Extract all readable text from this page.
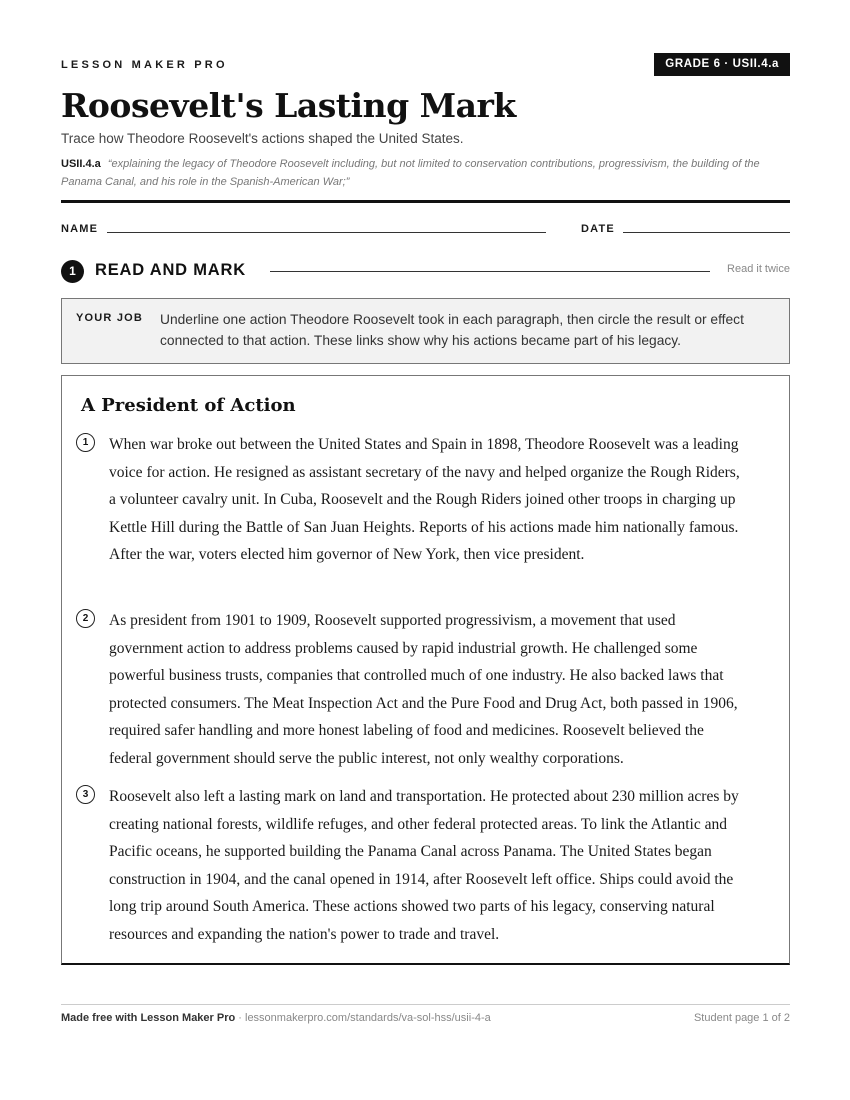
LESSON MAKER PRO	GRADE 6 · USII.4.a
Roosevelt's Lasting Mark
Trace how Theodore Roosevelt's actions shaped the United States.
USII.4.a “explaining the legacy of Theodore Roosevelt including, but not limited to conservation contributions, progressivism, the building of the Panama Canal, and his role in the Spanish-American War;”
NAME	DATE
1	READ AND MARK	Read it twice
YOUR JOB Underline one action Theodore Roosevelt took in each paragraph, then circle the result or effect connected to that action. These links show why his actions became part of his legacy.
A President of Action
1	When war broke out between the United States and Spain in 1898, Theodore Roosevelt was a leading voice for action. He resigned as assistant secretary of the navy and helped organize the Rough Riders, a volunteer cavalry unit. In Cuba, Roosevelt and the Rough Riders joined other troops in charging up Kettle Hill during the Battle of San Juan Heights. Reports of his actions made him nationally famous. After the war, voters elected him governor of New York, then vice president.

2	As president from 1901 to 1909, Roosevelt supported progressivism, a movement that used government action to address problems caused by rapid industrial growth. He challenged some powerful business trusts, companies that controlled much of one industry. He also backed laws that protected consumers. The Meat Inspection Act and the Pure Food and Drug Act, both passed in 1906, required safer handling and more honest labeling of food and medicines. Roosevelt believed the federal government should serve the public interest, not only wealthy corporations.

3	Roosevelt also left a lasting mark on land and transportation. He protected about 230 million acres by creating national forests, wildlife refuges, and other federal protected areas. To link the Atlantic and Pacific oceans, he supported building the Panama Canal across Panama. The United States began construction in 1904, and the canal opened in 1914, after Roosevelt left office. Ships could avoid the long trip around South America. These actions showed two parts of his legacy, conserving natural resources and expanding the nation's power to trade and travel.

Made free with Lesson Maker Pro · lessonmakerpro.com/standards/va-sol-hss/usii-4-a	Student page 1 of 2
